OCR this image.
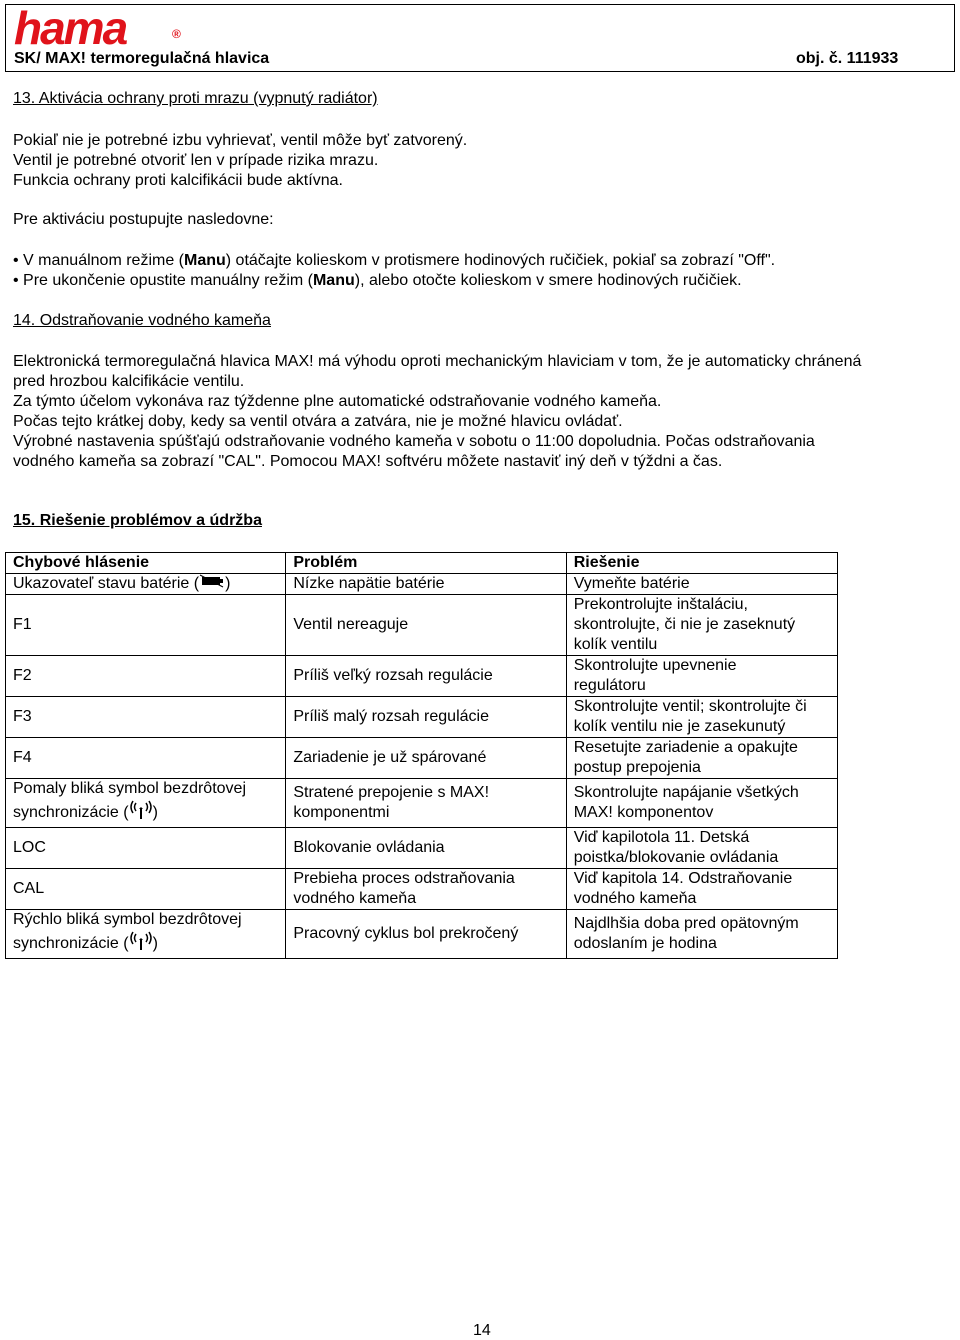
hama	®
SK/ MAX! termoregulačná hlavica	obj. č. 111933
13. Aktivácia ochrany proti mrazu (vypnutý radiátor)

Pokiaľ nie je potrebné izbu vyhrievať, ventil môže byť zatvorený.

Ventil je potrebné otvoriť len v prípade rizika mrazu.

Funkcia ochrany proti kalcifikácii bude aktívna.

Pre aktiváciu postupujte nasledovne:

• V manuálnom režime (Manu) otáčajte kolieskom v protismere hodinových ručičiek, pokiaľ sa zobrazí "Off".

• Pre ukončenie opustite manuálny režim (Manu), alebo otočte kolieskom v smere hodinových ručičiek.

14. Odstraňovanie vodného kameňa

Elektronická termoregulačná hlavica MAX! má výhodu oproti mechanickým hlaviciam v tom, že je automaticky chránená

pred hrozbou kalcifikácie ventilu.

Za týmto účelom vykonáva raz týždenne plne automatické odstraňovanie vodného kameňa.

Počas tejto krátkej doby, kedy sa ventil otvára a zatvára, nie je možné hlavicu ovládať.

Výrobné nastavenia spúšťajú odstraňovanie vodného kameňa v sobotu o 11:00 dopoludnia. Počas odstraňovania

vodného kameňa sa zobrazí "CAL". Pomocou MAX! softvéru môžete nastaviť iný deň v týždni a čas.

15. Riešenie problémov a údržba
Chybové hlásenie	Problém	Riešenie
Ukazovateľ stavu batérie ( )	Nízke napätie batérie	Vymeňte batérie
F1	Ventil nereaguje	Prekontrolujte inštaláciu,
skontrolujte, či nie je zaseknutý
kolík ventilu
F2	Príliš veľký rozsah regulácie	Skontrolujte upevnenie
regulátoru
F3	Príliš malý rozsah regulácie	Skontrolujte ventil; skontrolujte či
kolík ventilu nie je zasekunutý
F4	Zariadenie je už spárované	Resetujte zariadenie a opakujte
postup prepojenia
Pomaly bliká symbol bezdrôtovej
synchronizácie ( )	Stratené prepojenie s MAX!
komponentmi	Skontrolujte napájanie všetkých
MAX! komponentov
LOC	Blokovanie ovládania	Viď kapilotola 11. Detská
poistka/blokovanie ovládania
CAL	Prebieha proces odstraňovania
vodného kameňa	Viď kapitola 14. Odstraňovanie
vodného kameňa
Rýchlo bliká symbol bezdrôtovej
synchronizácie ( )	Pracovný cyklus bol prekročený	Najdlhšia doba pred opätovným
odoslaním je hodina
14
